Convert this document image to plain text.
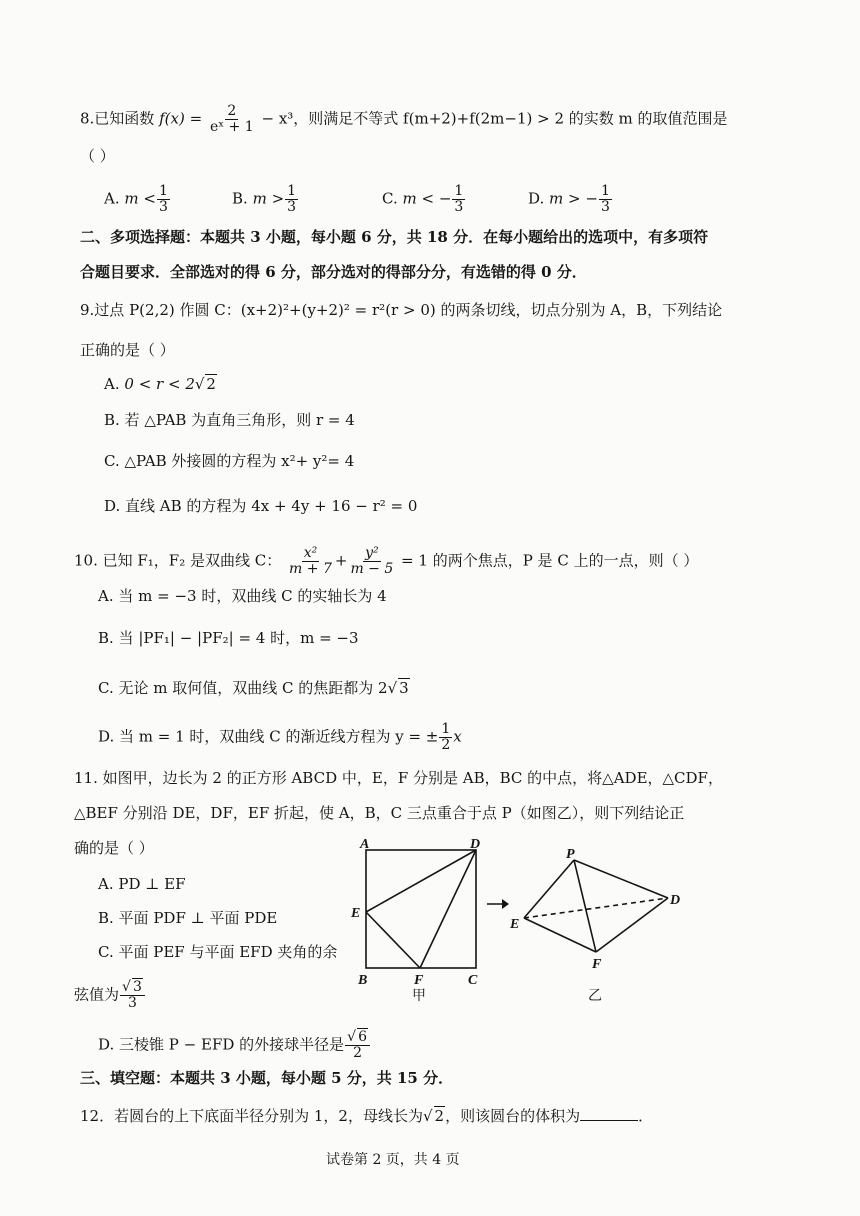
8.已知函数 $f(x) = \frac{2}{\text{eˣ + 1}} - x^3$，则满足不等式 f(m+2)+f(2m−1) > 2 的实数 m 的取值范围是
（ ）
A. $m < \frac{1}{3}$	B. $m > \frac{1}{3}$	C. m < − $\frac{1}{3}$	D. m > − $\frac{1}{3}$
二、多项选择题：本题共 3 小题，每小题 6 分，共 18 分．在每小题给出的选项中，有多项符
合题目要求．全部选对的得 6 分，部分选对的得部分分，有选错的得 0 分．
9.过点 P(2,2) 作圆 C：(x+2)²+(y+2)² = r²(r > 0) 的两条切线，切点分别为 A，B，下列结论
正确的是（ ）
A. 0 < r < 2√ 2
B. 若 △PAB 为直角三角形，则 r = 4
C. △PAB 外接圆的方程为 x²+ y²= 4
D. 直线 AB 的方程为 4x + 4y + 16 − r² = 0
10. 已知 F₁，F₂ 是双曲线 C： $\frac{\text{x²}}{m + 7} + \frac{\text{y²}}{m - 5} = 1$ 的两个焦点，P 是 C 上的一点，则（ ）
A. 当 m = −3 时，双曲线 C 的实轴长为 4
B. 当 |PF₁| − |PF₂| = 4 时，m = −3
C. 无论 m 取何值，双曲线 C 的焦距都为 2√ 3
D. 当 m = 1 时，双曲线 C 的渐近线方程为 y = ± $\frac{1}{2}$ x
11. 如图甲，边长为 2 的正方形 ABCD 中，E，F 分别是 AB，BC 的中点，将△ADE，△CDF，
△BEF 分别沿 DE，DF，EF 折起，使 A，B，C 三点重合于点 P（如图乙），则下列结论正
确的是（ ）
A. PD ⊥ EF
B. 平面 PDF ⊥ 平面 PDE
C. 平面 PEF 与平面 EFD 夹角的余
弦值为 $\frac{√ 3}{3}$
D. 三棱锥 P − EFD 的外接球半径是 $\frac{√ 6}{2}$
A	D
E
B	F	C
甲
P
D
E
F
乙
三、填空题：本题共 3 小题，每小题 5 分，共 15 分．
12．若圆台的上下底面半径分别为 1，2，母线长为√ 2，则该圆台的体积为	．
试卷第 2 页，共 4 页
